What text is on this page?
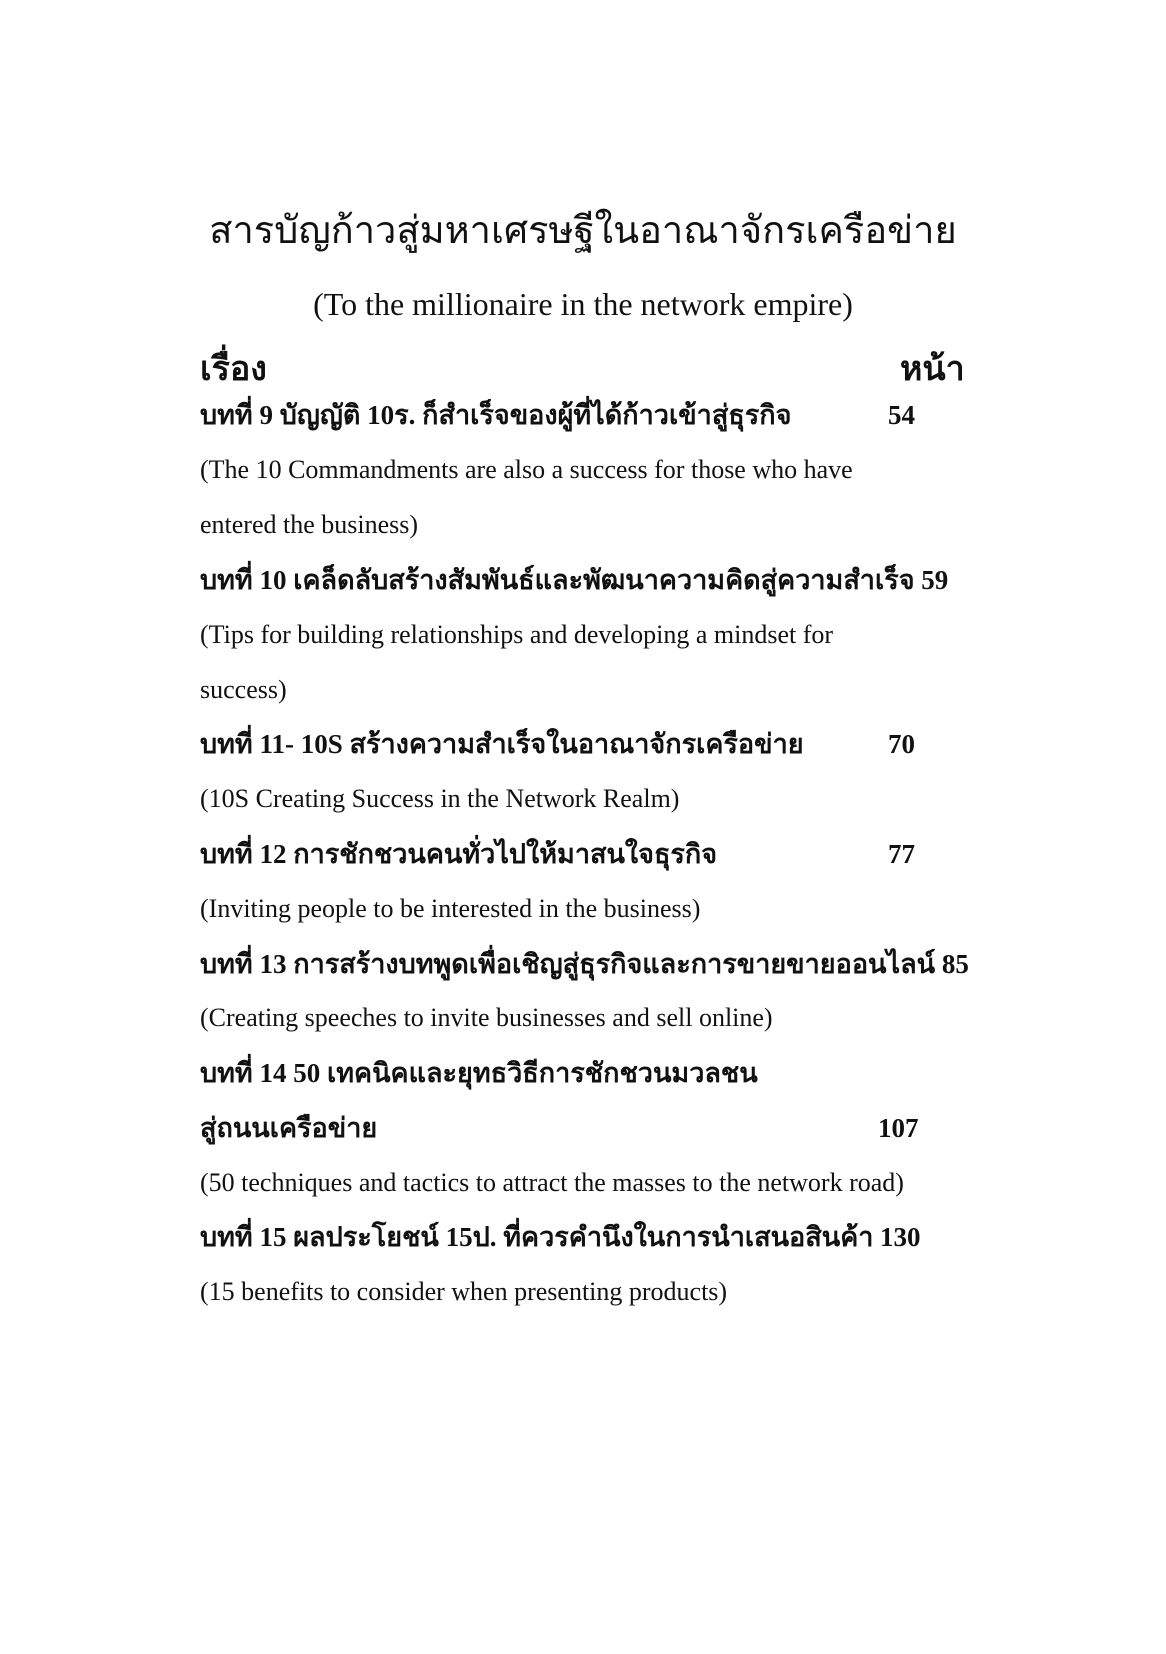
สารบัญก้าวสู่มหาเศรษฐีในอาณาจักรเครือข่าย
(To the millionaire in the network empire)
เรื่อง	หน้า
บทที่ 9 บัญญัติ 10ร. ก็สำเร็จของผู้ที่ได้ก้าวเข้าสู่ธุรกิจ	54
(The 10 Commandments are also a success for those who have
entered the business)
บทที่ 10 เคล็ดลับสร้างสัมพันธ์และพัฒนาความคิดสู่ความสำเร็จ 59
(Tips for building relationships and developing a mindset for
success)
บทที่ 11- 10S สร้างความสำเร็จในอาณาจักรเครือข่าย	70
(10S Creating Success in the Network Realm)
บทที่ 12 การชักชวนคนทั่วไปให้มาสนใจธุรกิจ	77
(Inviting people to be interested in the business)
บทที่ 13 การสร้างบทพูดเพื่อเชิญสู่ธุรกิจและการขายขายออนไลน์ 85
(Creating speeches to invite businesses and sell online)
บทที่ 14 50 เทคนิคและยุทธวิธีการชักชวนมวลชน
สู่ถนนเครือข่าย	107
(50 techniques and tactics to attract the masses to the network road)
บทที่ 15 ผลประโยชน์ 15ป. ที่ควรคำนึงในการนำเสนอสินค้า 130
(15 benefits to consider when presenting products)
